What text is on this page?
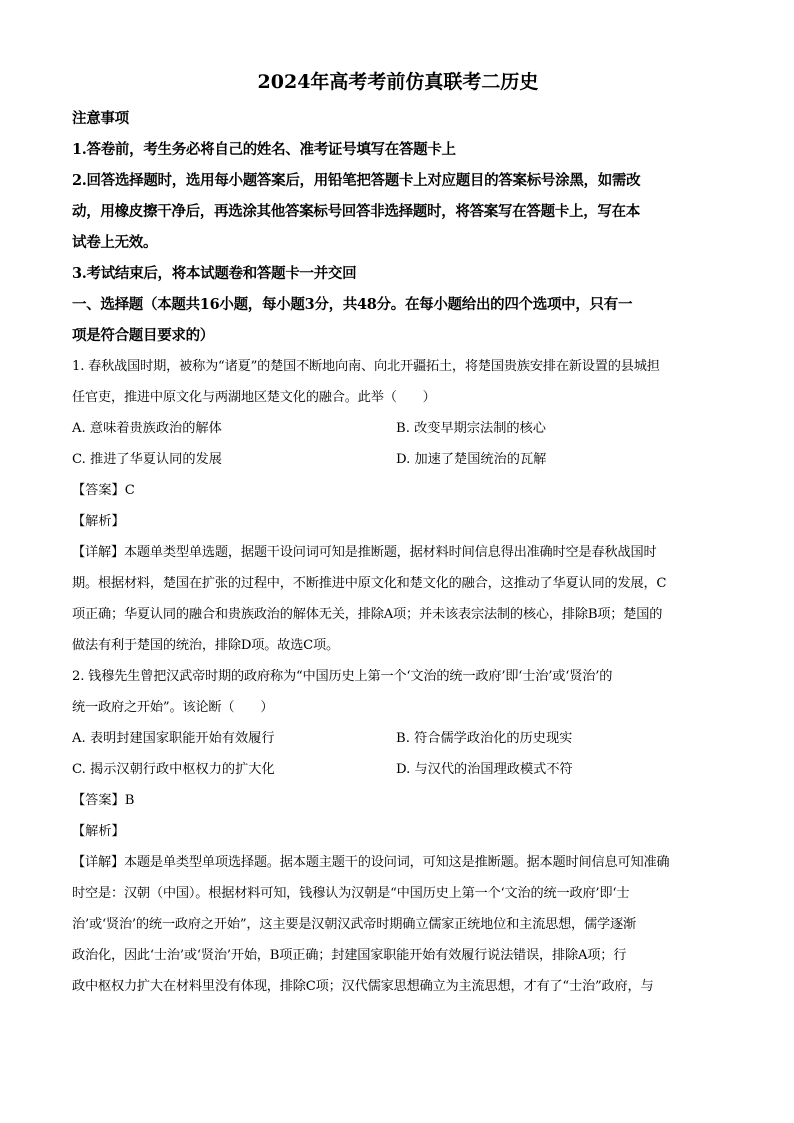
2024年高考考前仿真联考二历史
注意事项
1.答卷前，考生务必将自己的姓名、准考证号填写在答题卡上
2.回答选择题时，选用每小题答案后，用铅笔把答题卡上对应题目的答案标号涂黑，如需改
动，用橡皮擦干净后，再选涂其他答案标号回答非选择题时，将答案写在答题卡上，写在本
试卷上无效。
3.考试结束后，将本试题卷和答题卡一并交回
一、选择题（本题共16小题，每小题3分，共48分。在每小题给出的四个选项中，只有一
项是符合题目要求的）
1. 春秋战国时期，被称为“诸夏”的楚国不断地向南、向北开疆拓土，将楚国贵族安排在新设置的县城担
任官吏，推进中原文化与两湖地区楚文化的融合。此举（　　）
A. 意味着贵族政治的解体	B. 改变早期宗法制的核心
C. 推进了华夏认同的发展	D. 加速了楚国统治的瓦解
【答案】C
【解析】
【详解】本题单类型单选题，据题干设问词可知是推断题，据材料时间信息得出准确时空是春秋战国时
期。根据材料，楚国在扩张的过程中，不断推进中原文化和楚文化的融合，这推动了华夏认同的发展，C
项正确；华夏认同的融合和贵族政治的解体无关，排除A项；并未该表宗法制的核心，排除B项；楚国的
做法有利于楚国的统治，排除D项。故选C项。
2. 钱穆先生曾把汉武帝时期的政府称为“中国历史上第一个‘文治的统一政府’即‘士治’或‘贤治’的
统一政府之开始”。该论断（　　）
A. 表明封建国家职能开始有效履行	B. 符合儒学政治化的历史现实
C. 揭示汉朝行政中枢权力的扩大化	D. 与汉代的治国理政模式不符
【答案】B
【解析】
【详解】本题是单类型单项选择题。据本题主题干的设问词，可知这是推断题。据本题时间信息可知准确
时空是：汉朝（中国）。根据材料可知，钱穆认为汉朝是“中国历史上第一个‘文治的统一政府’即‘士
治’或‘贤治’的统一政府之开始”，这主要是汉朝汉武帝时期确立儒家正统地位和主流思想，儒学逐渐
政治化，因此‘士治’或‘贤治’开始，B项正确；封建国家职能开始有效履行说法错误，排除A项；行
政中枢权力扩大在材料里没有体现，排除C项；汉代儒家思想确立为主流思想，才有了“士治”政府，与
